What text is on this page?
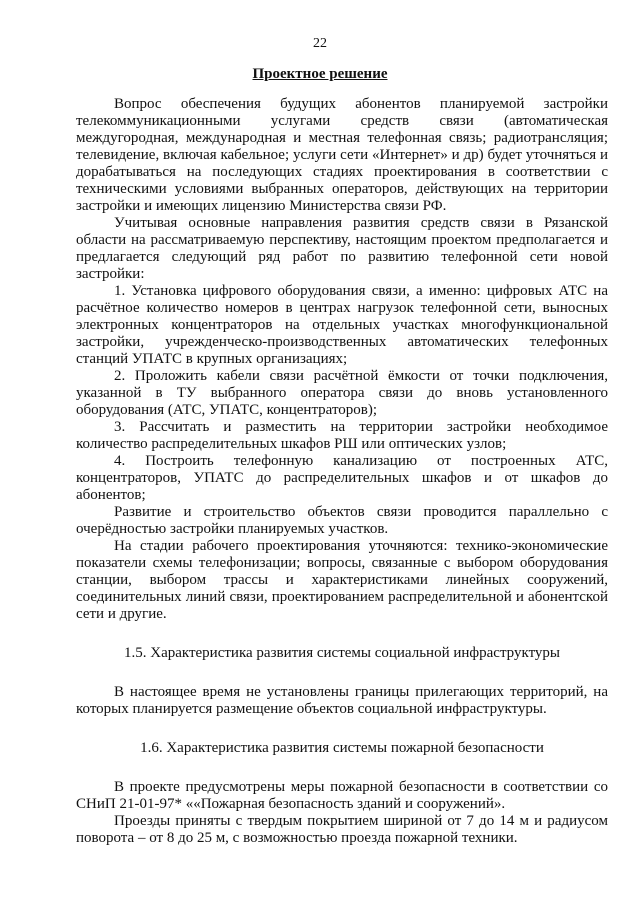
22
Проектное решение

Вопрос обеспечения будущих абонентов планируемой застройки телекоммуникационными услугами средств связи (автоматическая междугородная, международная и местная телефонная связь; радиотрансляция; телевидение, включая кабельное; услуги сети «Интернет» и др) будет уточняться и дорабатываться на последующих стадиях проектирования в соответствии с техническими условиями выбранных операторов, действующих на территории застройки и имеющих лицензию Министерства связи РФ.

Учитывая основные направления развития средств связи в Рязанской области на рассматриваемую перспективу, настоящим проектом предполагается и предлагается следующий ряд работ по развитию телефонной сети новой застройки:

1. Установка цифрового оборудования связи, а именно: цифровых АТС на расчётное количество номеров в центрах нагрузок телефонной сети, выносных электронных концентраторов на отдельных участках многофункциональной застройки, учрежденческо-производственных автоматических телефонных станций УПАТС в крупных организациях;

2. Проложить кабели связи расчётной ёмкости от точки подключения, указанной в ТУ выбранного оператора связи до вновь установленного оборудования (АТС, УПАТС, концентраторов);

3. Рассчитать и разместить на территории застройки необходимое количество распределительных шкафов РШ или оптических узлов;

4. Построить телефонную канализацию от построенных АТС, концентраторов, УПАТС до распределительных шкафов и от шкафов до абонентов;

Развитие и строительство объектов связи проводится параллельно с очерёдностью застройки планируемых участков.

На стадии рабочего проектирования уточняются: технико-экономические показатели схемы телефонизации; вопросы, связанные с выбором оборудования станции, выбором трассы и характеристиками линейных сооружений, соединительных линий связи, проектированием распределительной и абонентской сети и другие.

1.5. Характеристика развития системы социальной инфраструктуры

В настоящее время не установлены границы прилегающих территорий, на которых планируется размещение объектов социальной инфраструктуры.

1.6. Характеристика развития системы пожарной безопасности

В проекте предусмотрены меры пожарной безопасности в соответствии со СНиП 21-01-97* ««Пожарная безопасность зданий и сооружений».

Проезды приняты с твердым покрытием шириной от 7 до 14 м и радиусом поворота – от 8 до 25 м, с возможностью проезда пожарной техники.
